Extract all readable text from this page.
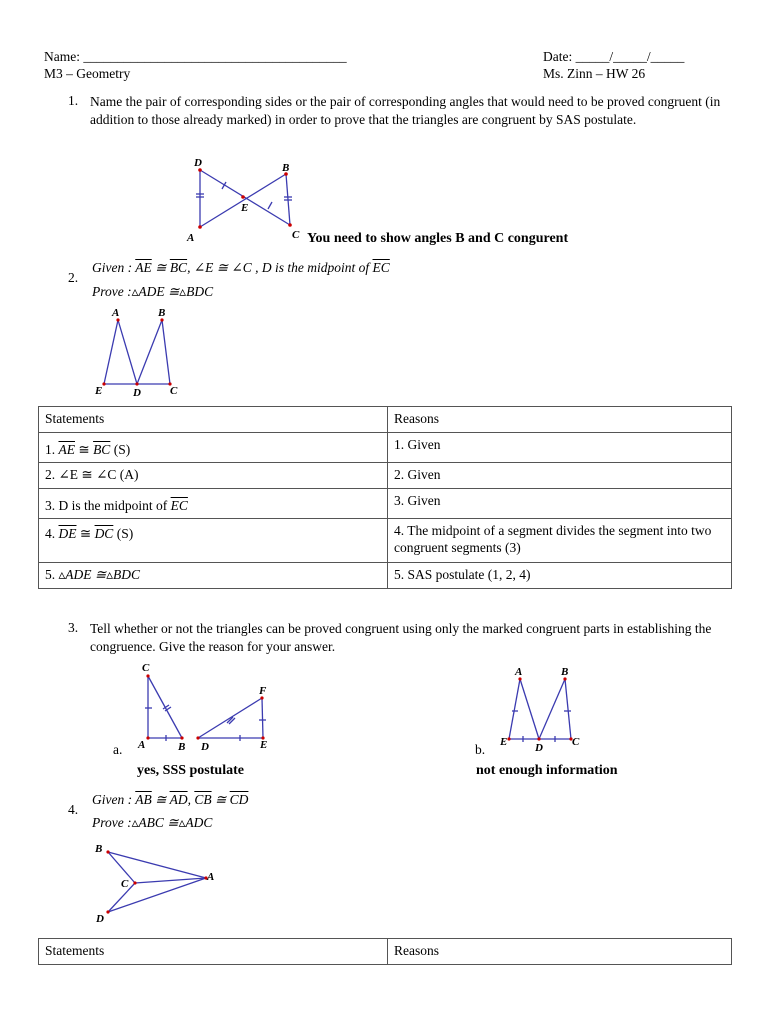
Name: _______________________________________
M3 – Geometry
Date: _____/_____/_____
Ms. Zinn – HW 26
1. Name the pair of corresponding sides or the pair of corresponding angles that would need to be proved congruent (in addition to those already marked) in order to prove that the triangles are congruent by SAS postulate.
D	B
E
A	C You need to show angles B and C congurent
2.
Given : $\overline{AE}$ ≅ $\overline{BC}$, ∠E ≅ ∠C , D is the midpoint of $\overline{EC}$
Prove :▵ADE ≅▵BDC
A	B
E	D	C
Statements	Reasons
1. $\overline{AE}$ ≅ $\overline{BC}$ (S)	1. Given
2. ∠E ≅ ∠C (A)	2. Given
3. D is the midpoint of $\overline{EC}$	3. Given
4. $\overline{DE}$ ≅ $\overline{DC}$ (S)	4. The midpoint of a segment divides the segment into two congruent segments (3)
5. ▵ADE ≅▵BDC	5. SAS postulate (1, 2, 4)
3. Tell whether or not the triangles can be proved congruent using only the marked congruent parts in establishing the congruence. Give the reason for your answer.
C
A	B D
F
E
a.
yes, SSS postulate
A	B
E	D	C
b.
not enough information
4.
Given : $\overline{AB}$ ≅ $\overline{AD}$, $\overline{CB}$ ≅ $\overline{CD}$
Prove :▵ABC ≅▵ADC
B
C
A
D
Statements	Reasons
